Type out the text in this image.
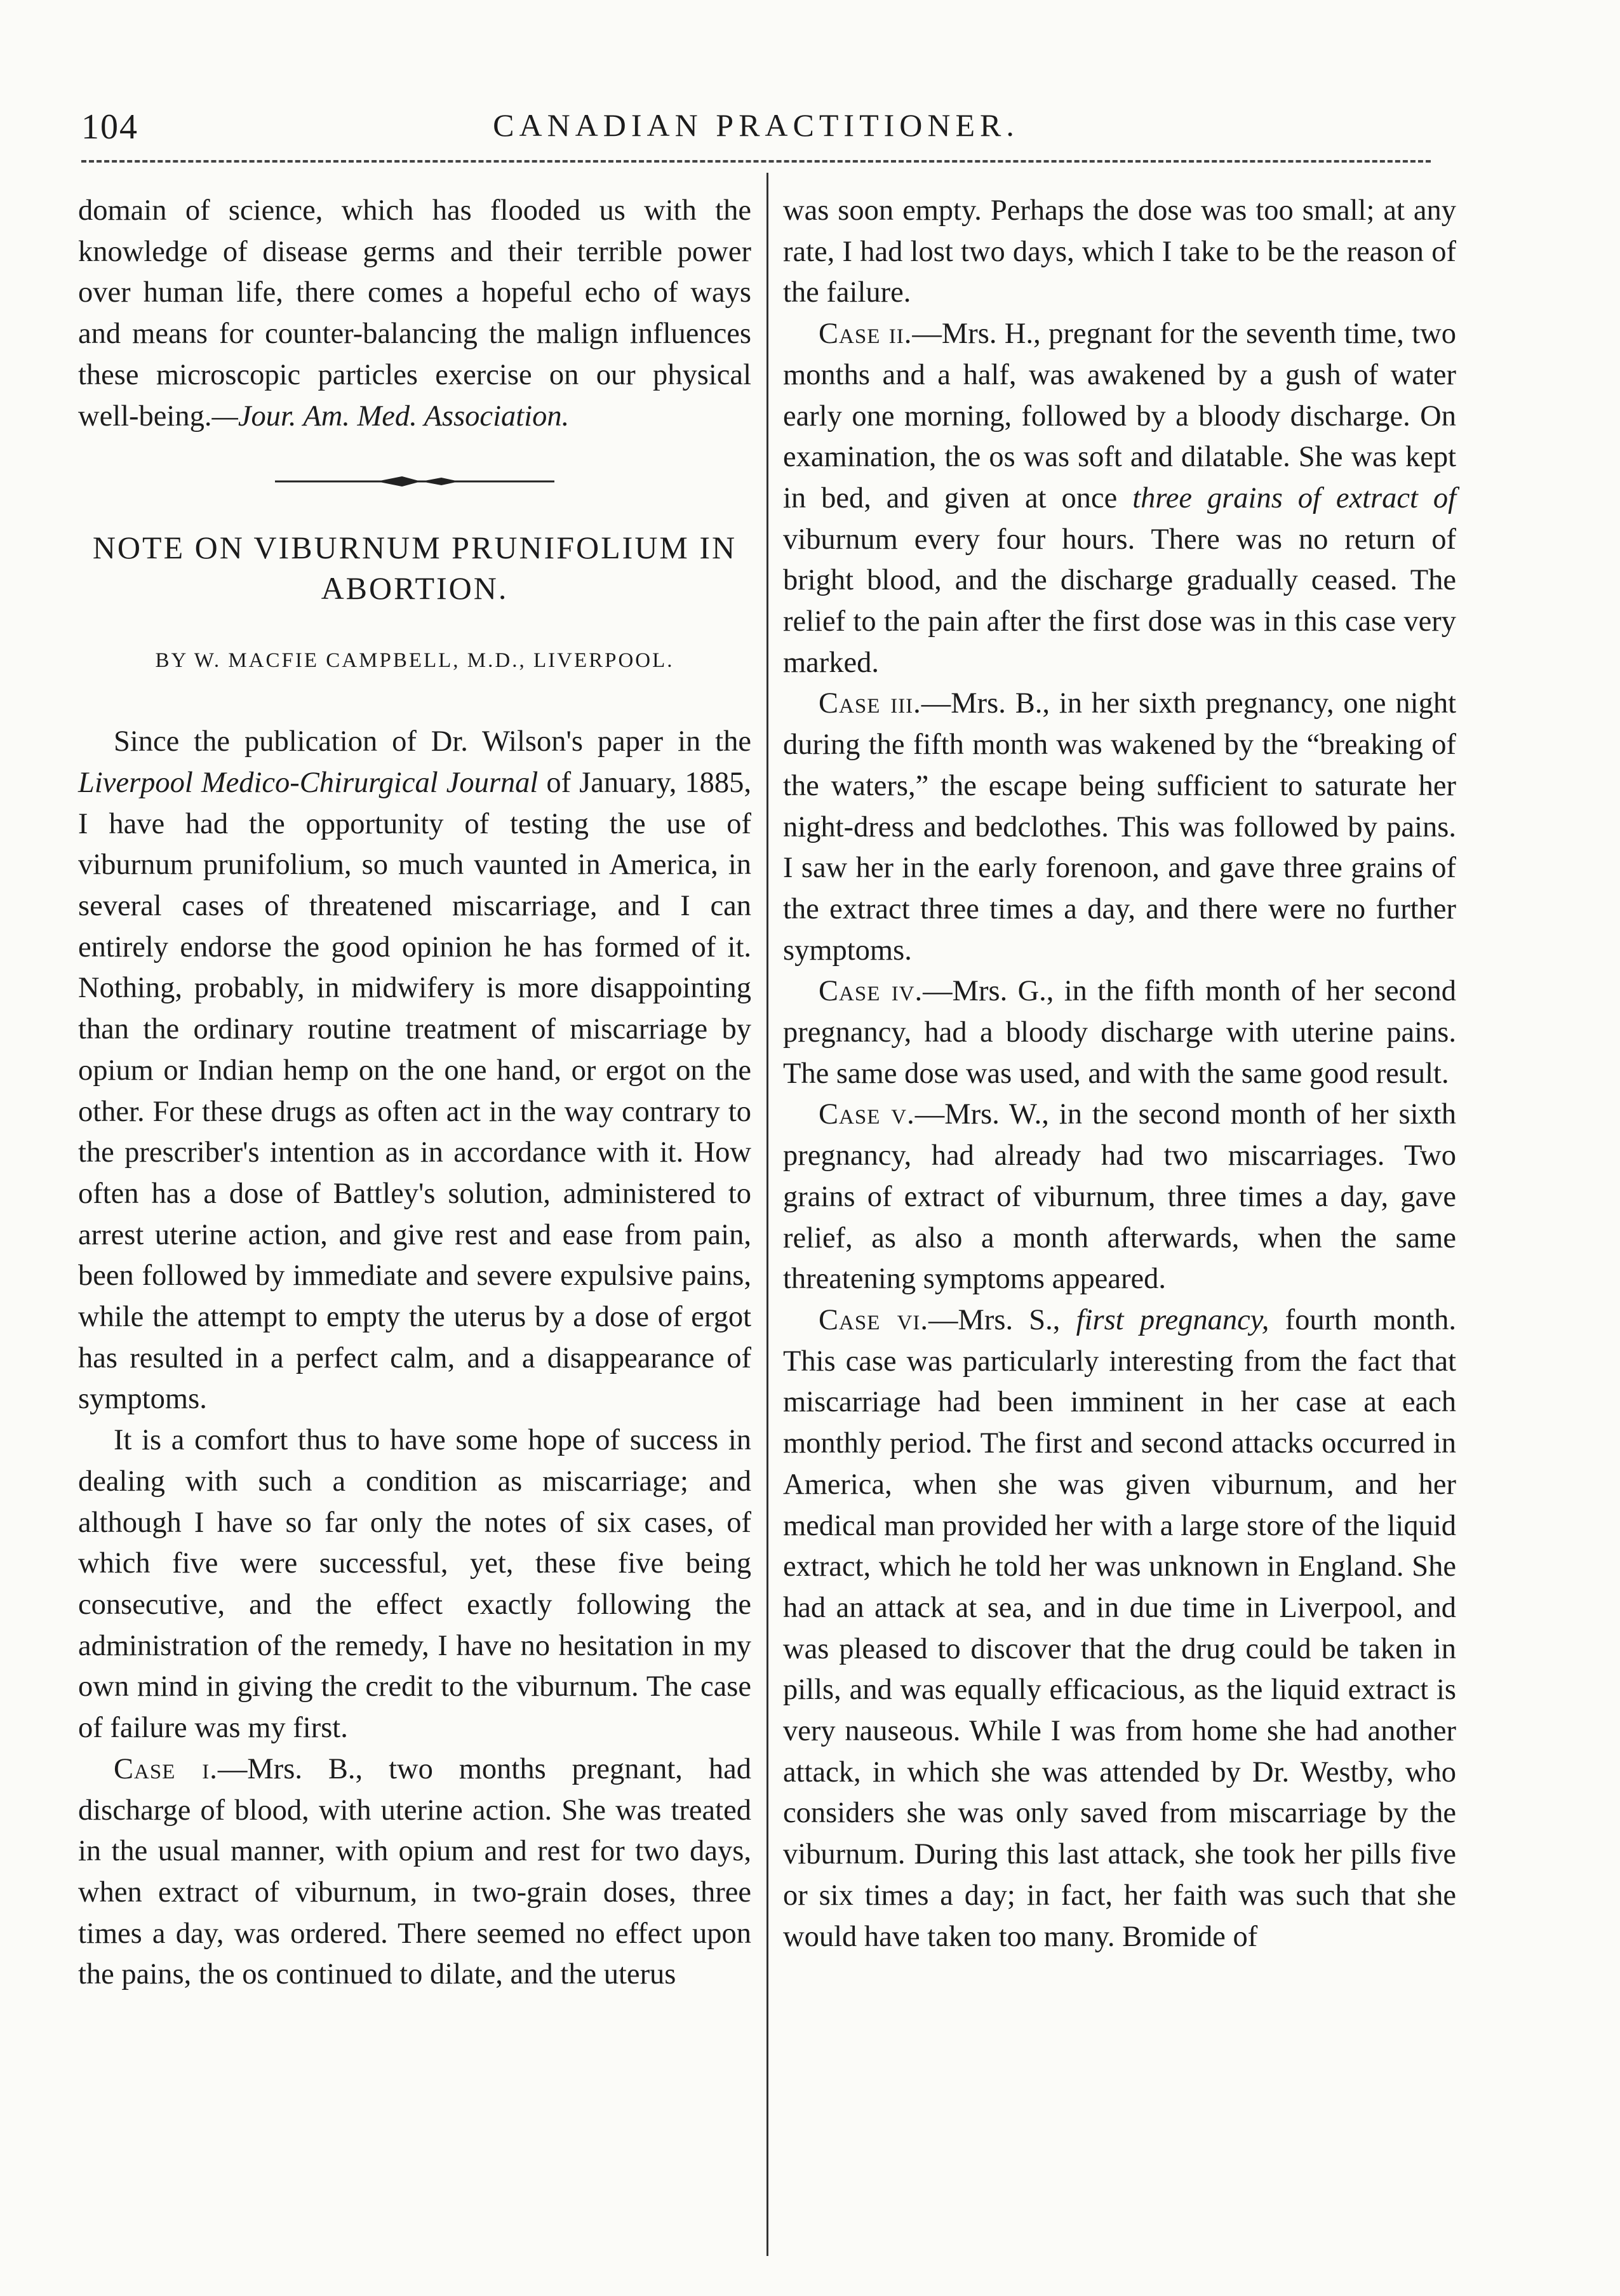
104	CANADIAN PRACTITIONER.

domain of science, which has flooded us with the knowledge of disease germs and their terrible power over human life, there comes a hopeful echo of ways and means for counter-balancing the malign influences these microscopic particles exercise on our physical well-being.—Jour. Am. Med. Association.

NOTE ON VIBURNUM PRUNIFOLIUM IN ABORTION.
BY W. MACFIE CAMPBELL, M.D., LIVERPOOL.

Since the publication of Dr. Wilson's paper in the Liverpool Medico-Chirurgical Journal of January, 1885, I have had the opportunity of testing the use of viburnum prunifolium, so much vaunted in America, in several cases of threatened miscarriage, and I can entirely endorse the good opinion he has formed of it. Nothing, probably, in midwifery is more disappointing than the ordinary routine treatment of miscarriage by opium or Indian hemp on the one hand, or ergot on the other. For these drugs as often act in the way contrary to the prescriber's intention as in accordance with it. How often has a dose of Battley's solution, administered to arrest uterine action, and give rest and ease from pain, been followed by immediate and severe expulsive pains, while the attempt to empty the uterus by a dose of ergot has resulted in a perfect calm, and a disappearance of symptoms.

It is a comfort thus to have some hope of success in dealing with such a condition as miscarriage; and although I have so far only the notes of six cases, of which five were successful, yet, these five being consecutive, and the effect exactly following the administration of the remedy, I have no hesitation in my own mind in giving the credit to the viburnum. The case of failure was my first.

Case i.—Mrs. B., two months pregnant, had discharge of blood, with uterine action. She was treated in the usual manner, with opium and rest for two days, when extract of viburnum, in two-grain doses, three times a day, was ordered. There seemed no effect upon the pains, the os continued to dilate, and the uterus

was soon empty. Perhaps the dose was too small; at any rate, I had lost two days, which I take to be the reason of the failure.

Case ii.—Mrs. H., pregnant for the seventh time, two months and a half, was awakened by a gush of water early one morning, followed by a bloody discharge. On examination, the os was soft and dilatable. She was kept in bed, and given at once three grains of extract of viburnum every four hours. There was no return of bright blood, and the discharge gradually ceased. The relief to the pain after the first dose was in this case very marked.

Case iii.—Mrs. B., in her sixth pregnancy, one night during the fifth month was wakened by the “breaking of the waters,” the escape being sufficient to saturate her night-dress and bedclothes. This was followed by pains. I saw her in the early forenoon, and gave three grains of the extract three times a day, and there were no further symptoms.

Case iv.—Mrs. G., in the fifth month of her second pregnancy, had a bloody discharge with uterine pains. The same dose was used, and with the same good result.

Case v.—Mrs. W., in the second month of her sixth pregnancy, had already had two miscarriages. Two grains of extract of viburnum, three times a day, gave relief, as also a month afterwards, when the same threatening symptoms appeared.

Case vi.—Mrs. S., first pregnancy, fourth month. This case was particularly interesting from the fact that miscarriage had been imminent in her case at each monthly period. The first and second attacks occurred in America, when she was given viburnum, and her medical man provided her with a large store of the liquid extract, which he told her was unknown in England. She had an attack at sea, and in due time in Liverpool, and was pleased to discover that the drug could be taken in pills, and was equally efficacious, as the liquid extract is very nauseous. While I was from home she had another attack, in which she was attended by Dr. Westby, who considers she was only saved from miscarriage by the viburnum. During this last attack, she took her pills five or six times a day; in fact, her faith was such that she would have taken too many. Bromide of
